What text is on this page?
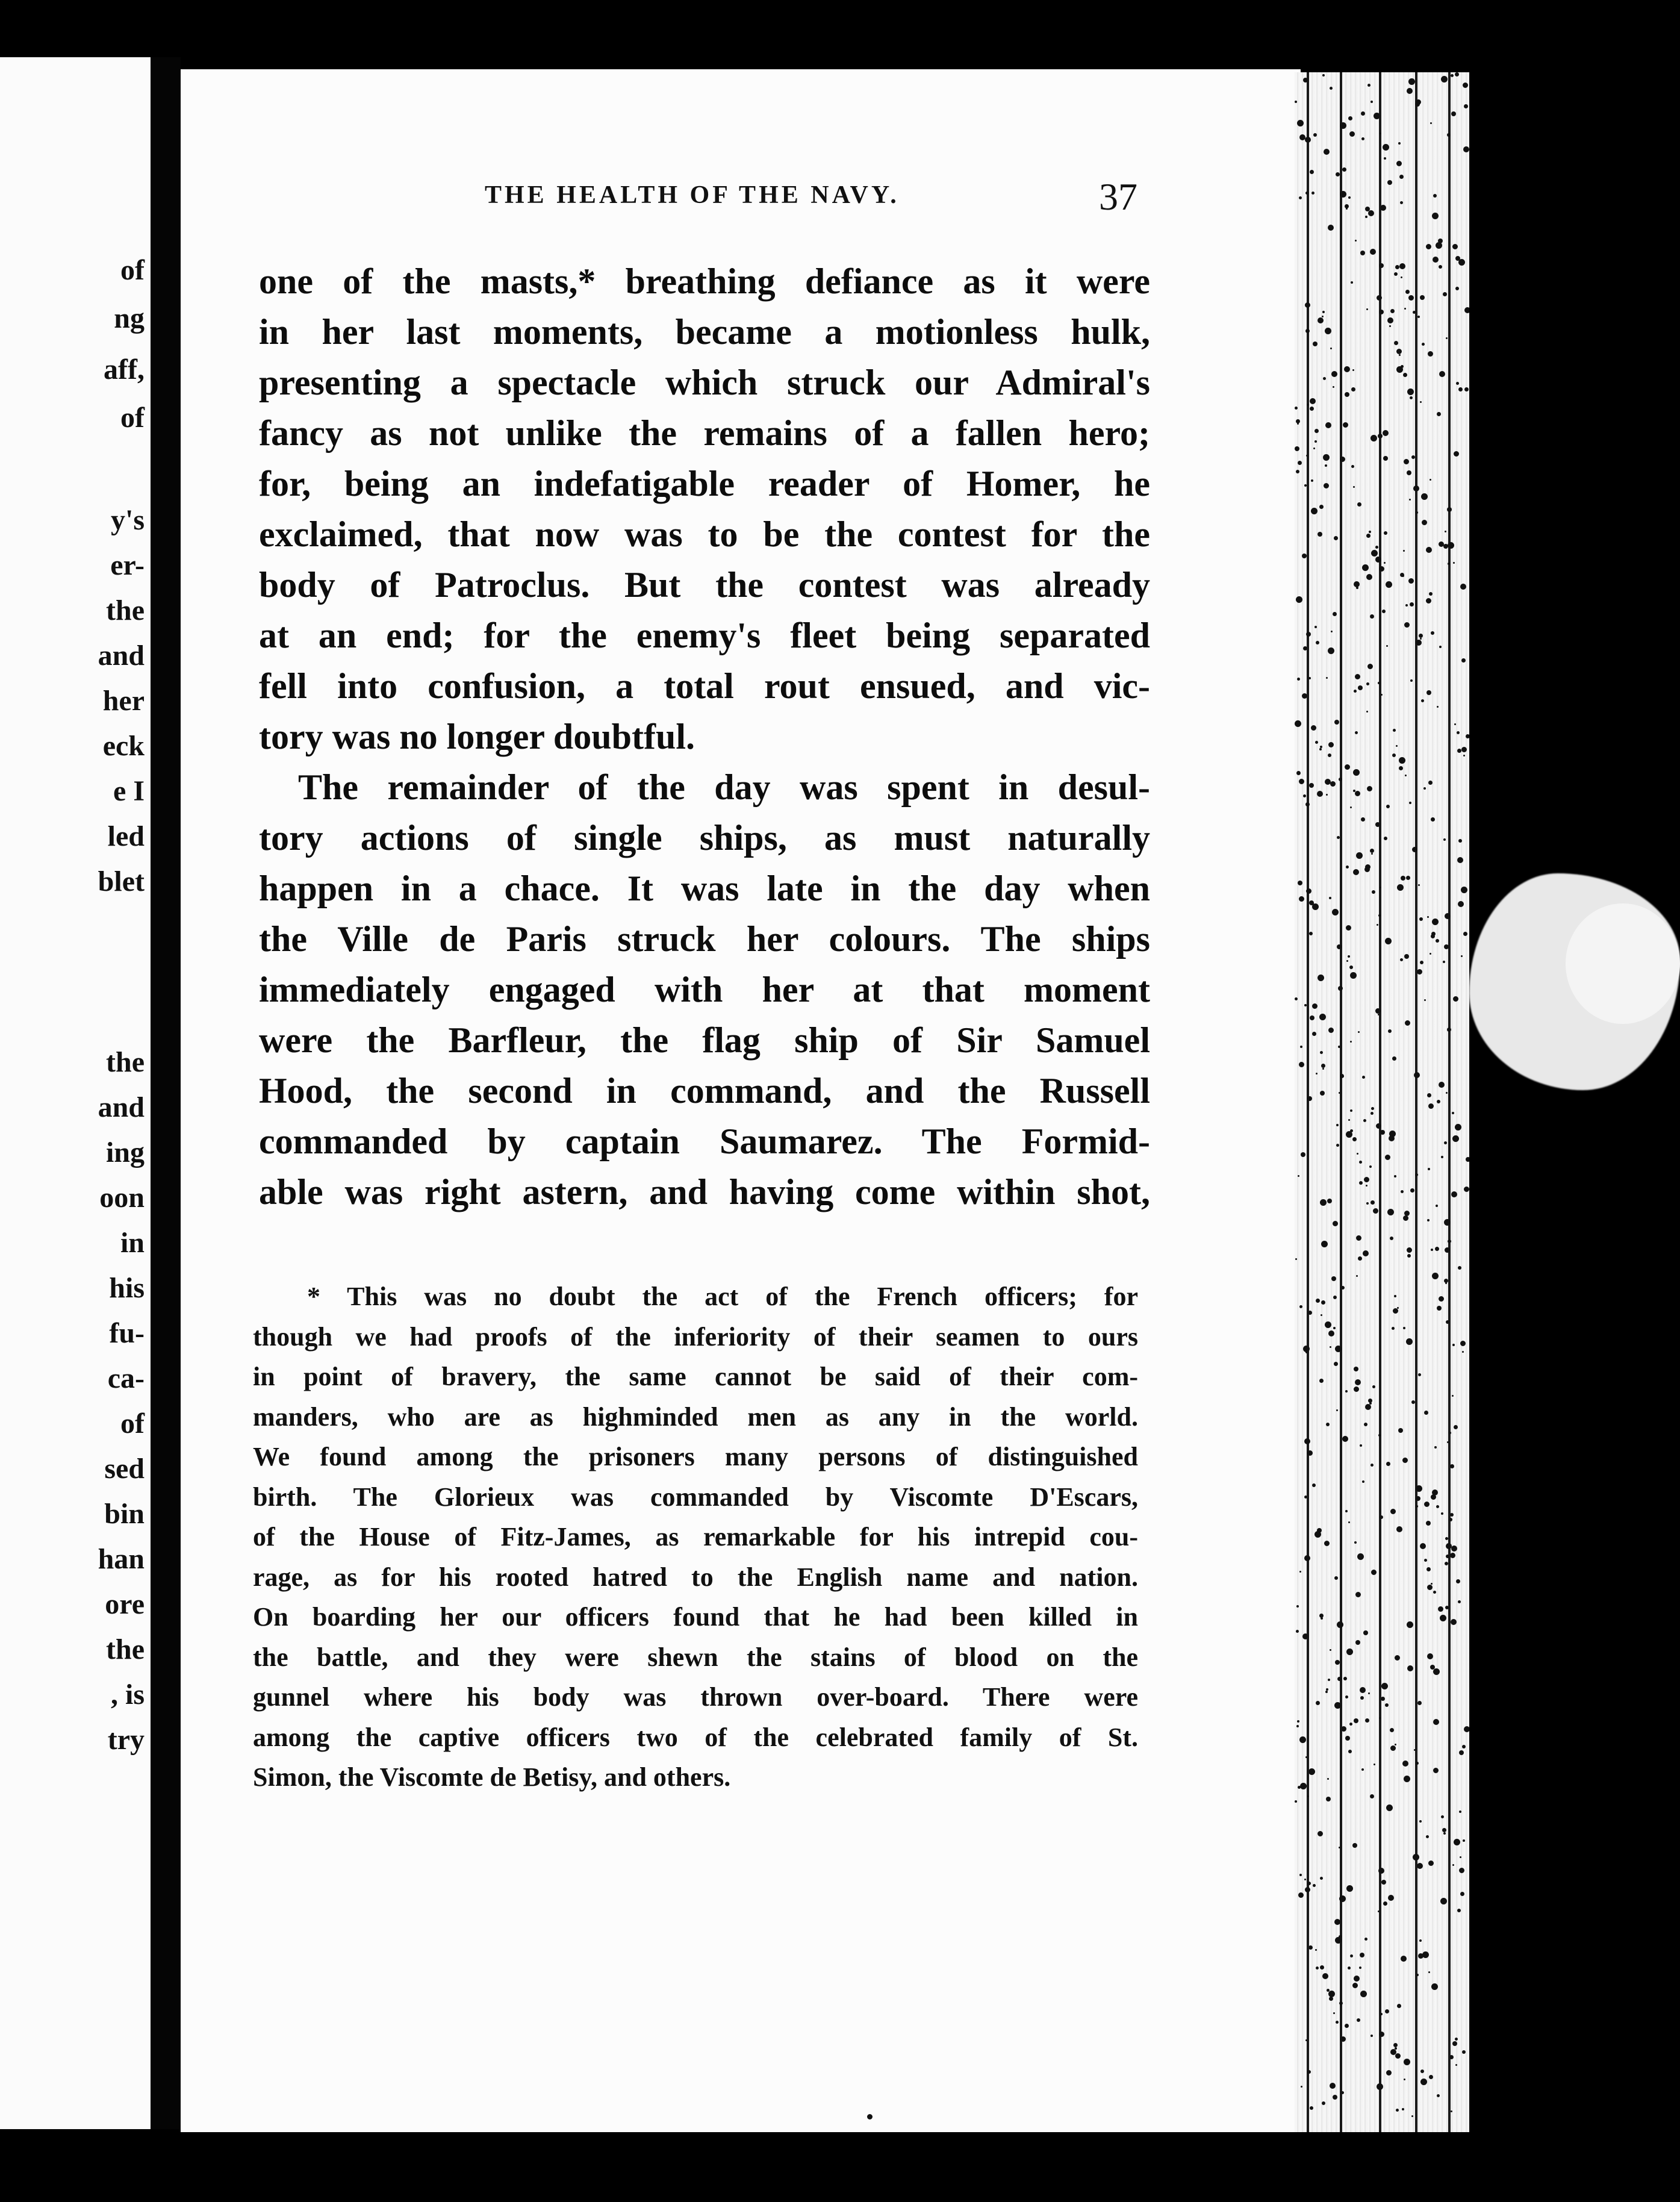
of
ng
aff,
of
y's
er-
the
and
her
eck
e I
led
blet
the
and
ing
oon
in
his
fu-
ca-
of
sed
bin
han
ore
the
, is
try
THE HEALTH OF THE NAVY.	37
one of the masts,* breathing defiance as it were
in her last moments, became a motionless hulk,
presenting a spectacle which struck our Admiral's
fancy as not unlike the remains of a fallen hero;
for, being an indefatigable reader of Homer, he
exclaimed, that now was to be the contest for the
body of Patroclus. But the contest was already
at an end; for the enemy's fleet being separated
fell into confusion, a total rout ensued, and vic-
tory was no longer doubtful.
The remainder of the day was spent in desul-
tory actions of single ships, as must naturally
happen in a chace. It was late in the day when
the Ville de Paris struck her colours. The ships
immediately engaged with her at that moment
were the Barfleur, the flag ship of Sir Samuel
Hood, the second in command, and the Russell
commanded by captain Saumarez. The Formid-
able was right astern, and having come within shot,
* This was no doubt the act of the French officers; for
though we had proofs of the inferiority of their seamen to ours
in point of bravery, the same cannot be said of their com-
manders, who are as highminded men as any in the world.
We found among the prisoners many persons of distinguished
birth. The Glorieux was commanded by Viscomte D'Escars,
of the House of Fitz-James, as remarkable for his intrepid cou-
rage, as for his rooted hatred to the English name and nation.
On boarding her our officers found that he had been killed in
the battle, and they were shewn the stains of blood on the
gunnel where his body was thrown over-board. There were
among the captive officers two of the celebrated family of St.
Simon, the Viscomte de Betisy, and others.
